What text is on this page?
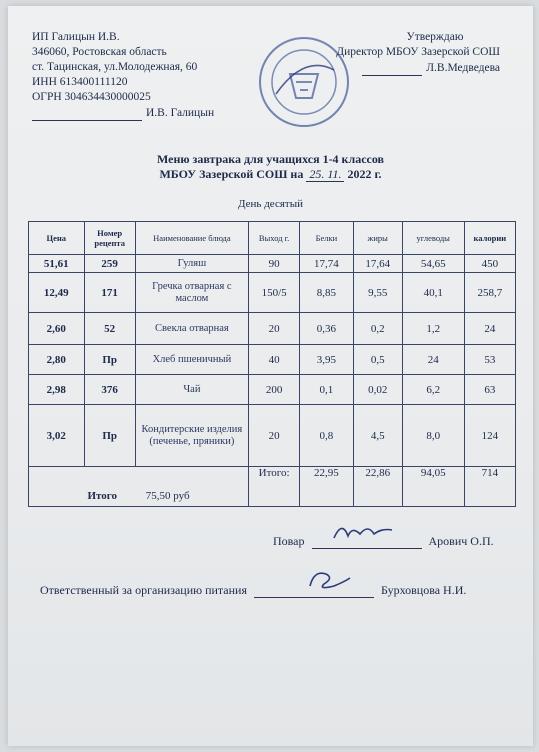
ИП Галицын И.В.
346060, Ростовская область
ст. Тацинская, ул.Молодежная, 60
ИНН 613400111120
ОГРН 304634430000025
И.В. Галицын
Утверждаю
Директор МБОУ Зазерской СОШ
Л.В.Медведева
Меню завтрака для учащихся 1-4 классов
МБОУ Зазерской СОШ на 25. 11. 2022 г.
День десятый
Цена	Номер рецепта	Наименование блюда	Выход г.	Белки	жиры	углеводы	калории
51,61	259	Гуляш	90	17,74	17,64	54,65	450
12,49	171	Гречка отварная с маслом	150/5	8,85	9,55	40,1	258,7
2,60	52	Свекла отварная	20	0,36	0,2	1,2	24
2,80	Пр	Хлеб пшеничный	40	3,95	0,5	24	53
2,98	376	Чай	200	0,1	0,02	6,2	63
3,02	Пр	Кондитерские изделия (печенье, пряники)	20	0,8	4,5	8,0	124
Итого 75,50 руб			Итого:	22,95	22,86	94,05	714
Повар	Арович О.П.
Ответственный за организацию питания	Бурховцова Н.И.
